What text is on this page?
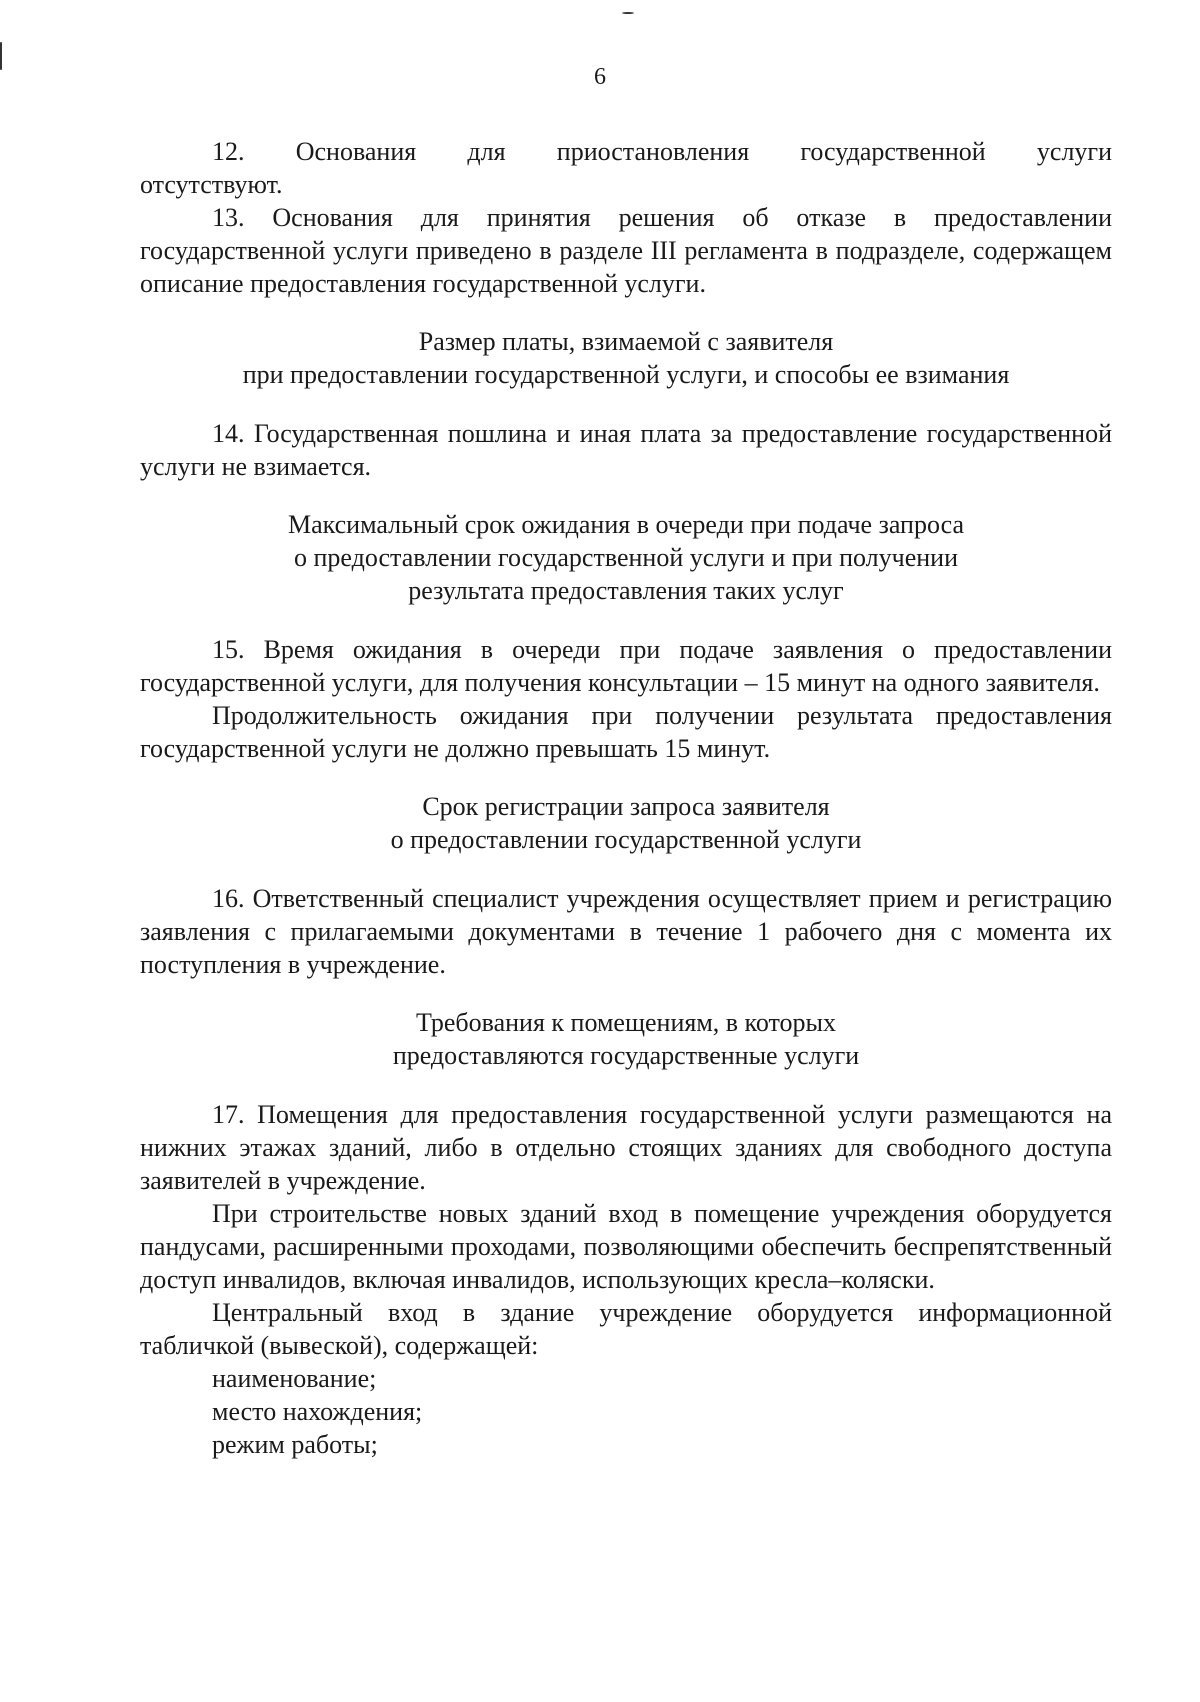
6

12. Основания для приостановления государственной услуги

отсутствуют.

13. Основания для принятия решения об отказе в предоставлении государственной услуги приведено в разделе III регламента в подразделе, содержащем описание предоставления государственной услуги.

Размер платы, взимаемой с заявителя

при предоставлении государственной услуги, и способы ее взимания

14. Государственная пошлина и иная плата за предоставление государственной услуги не взимается.

Максимальный срок ожидания в очереди при подаче запроса

о предоставлении государственной услуги и при получении

результата предоставления таких услуг

15. Время ожидания в очереди при подаче заявления о предоставлении государственной услуги, для получения консультации – 15 минут на одного заявителя.

Продолжительность ожидания при получении результата предоставления государственной услуги не должно превышать 15 минут.

Срок регистрации запроса заявителя

о предоставлении государственной услуги

16. Ответственный специалист учреждения осуществляет прием и регистрацию заявления с прилагаемыми документами в течение 1 рабочего дня с момента их поступления в учреждение.

Требования к помещениям, в которых

предоставляются государственные услуги

17. Помещения для предоставления государственной услуги размещаются на нижних этажах зданий, либо в отдельно стоящих зданиях для свободного доступа заявителей в учреждение.

При строительстве новых зданий вход в помещение учреждения оборудуется пандусами, расширенными проходами, позволяющими обеспечить беспрепятственный доступ инвалидов, включая инвалидов, использующих кресла–коляски.

Центральный вход в здание учреждение оборудуется информационной табличкой (вывеской), содержащей:

наименование;

место нахождения;

режим работы;
